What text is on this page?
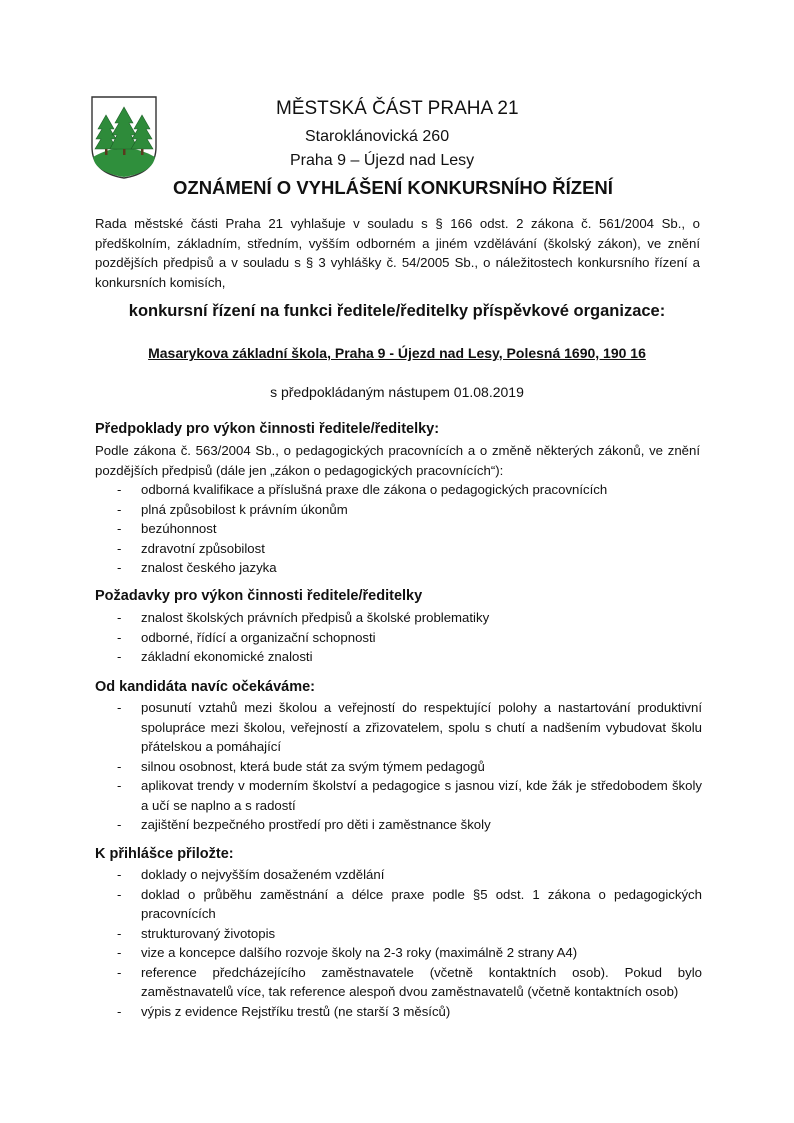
MĚSTSKÁ ČÁST PRAHA 21
Staroklánovická 260
Praha 9 – Újezd nad Lesy
OZNÁMENÍ O VYHLÁŠENÍ KONKURSNÍHO ŘÍZENÍ
Rada městské části Praha 21 vyhlašuje v souladu s § 166 odst. 2 zákona č. 561/2004 Sb., o předškolním, základním, středním, vyšším odborném a jiném vzdělávání (školský zákon), ve znění pozdějších předpisů a v souladu s § 3 vyhlášky č. 54/2005 Sb., o náležitostech konkursního řízení a konkursních komisích,
konkursní řízení na funkci ředitele/ředitelky příspěvkové organizace:
Masarykova základní škola, Praha 9 - Újezd nad Lesy, Polesná 1690, 190 16
s předpokládaným nástupem 01.08.2019
Předpoklady pro výkon činnosti ředitele/ředitelky:
Podle zákona č. 563/2004 Sb., o pedagogických pracovnících a o změně některých zákonů, ve znění pozdějších předpisů (dále jen „zákon o pedagogických pracovnících“):
- odborná kvalifikace a příslušná praxe dle zákona o pedagogických pracovnících
- plná způsobilost k právním úkonům
- bezúhonnost
- zdravotní způsobilost
- znalost českého jazyka
Požadavky pro výkon činnosti ředitele/ředitelky
- znalost školských právních předpisů a školské problematiky
- odborné, řídící a organizační schopnosti
- základní ekonomické znalosti
Od kandidáta navíc očekáváme:
- posunutí vztahů mezi školou a veřejností do respektující polohy a nastartování produktivní spolupráce mezi školou, veřejností a zřizovatelem, spolu s chutí a nadšením vybudovat školu přátelskou a pomáhající
- silnou osobnost, která bude stát za svým týmem pedagogů
- aplikovat trendy v moderním školství a pedagogice s jasnou vizí, kde žák je středobodem školy a učí se naplno a s radostí
- zajištění bezpečného prostředí pro děti i zaměstnance školy
K přihlášce přiložte:
- doklady o nejvyšším dosaženém vzdělání
- doklad o průběhu zaměstnání a délce praxe podle §5 odst. 1 zákona o pedagogických pracovnících
- strukturovaný životopis
- vize a koncepce dalšího rozvoje školy na 2-3 roky (maximálně 2 strany A4)
- reference předcházejícího zaměstnavatele (včetně kontaktních osob). Pokud bylo zaměstnavatelů více, tak reference alespoň dvou zaměstnavatelů (včetně kontaktních osob)
- výpis z evidence Rejstříku trestů (ne starší 3 měsíců)
